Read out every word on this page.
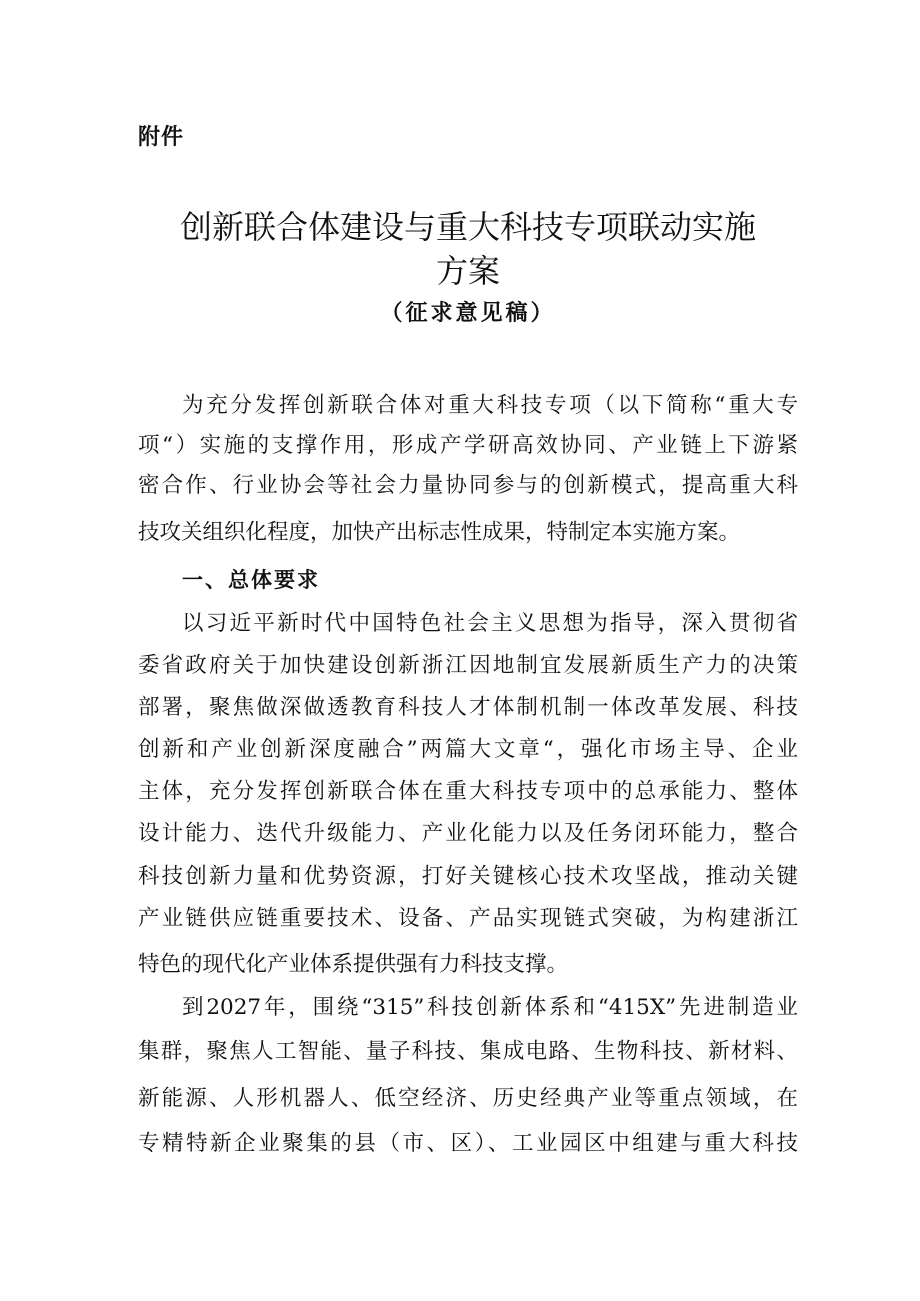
附件
创新联合体建设与重大科技专项联动实施
方案
（征求意见稿）
为充分发挥创新联合体对重大科技专项（以下简称“重大专
项“）实施的支撑作用，形成产学研高效协同、产业链上下游紧
密合作、行业协会等社会力量协同参与的创新模式，提高重大科
技攻关组织化程度，加快产出标志性成果，特制定本实施方案。
一、总体要求
以习近平新时代中国特色社会主义思想为指导，深入贯彻省
委省政府关于加快建设创新浙江因地制宜发展新质生产力的决策
部署，聚焦做深做透教育科技人才体制机制一体改革发展、科技
创新和产业创新深度融合”两篇大文章“，强化市场主导、企业
主体，充分发挥创新联合体在重大科技专项中的总承能力、整体
设计能力、迭代升级能力、产业化能力以及任务闭环能力，整合
科技创新力量和优势资源，打好关键核心技术攻坚战，推动关键
产业链供应链重要技术、设备、产品实现链式突破，为构建浙江
特色的现代化产业体系提供强有力科技支撑。
到2027年，围绕“315”科技创新体系和“415X”先进制造业
集群，聚焦人工智能、量子科技、集成电路、生物科技、新材料、
新能源、人形机器人、低空经济、历史经典产业等重点领域，在
专精特新企业聚集的县（市、区）、工业园区中组建与重大科技
